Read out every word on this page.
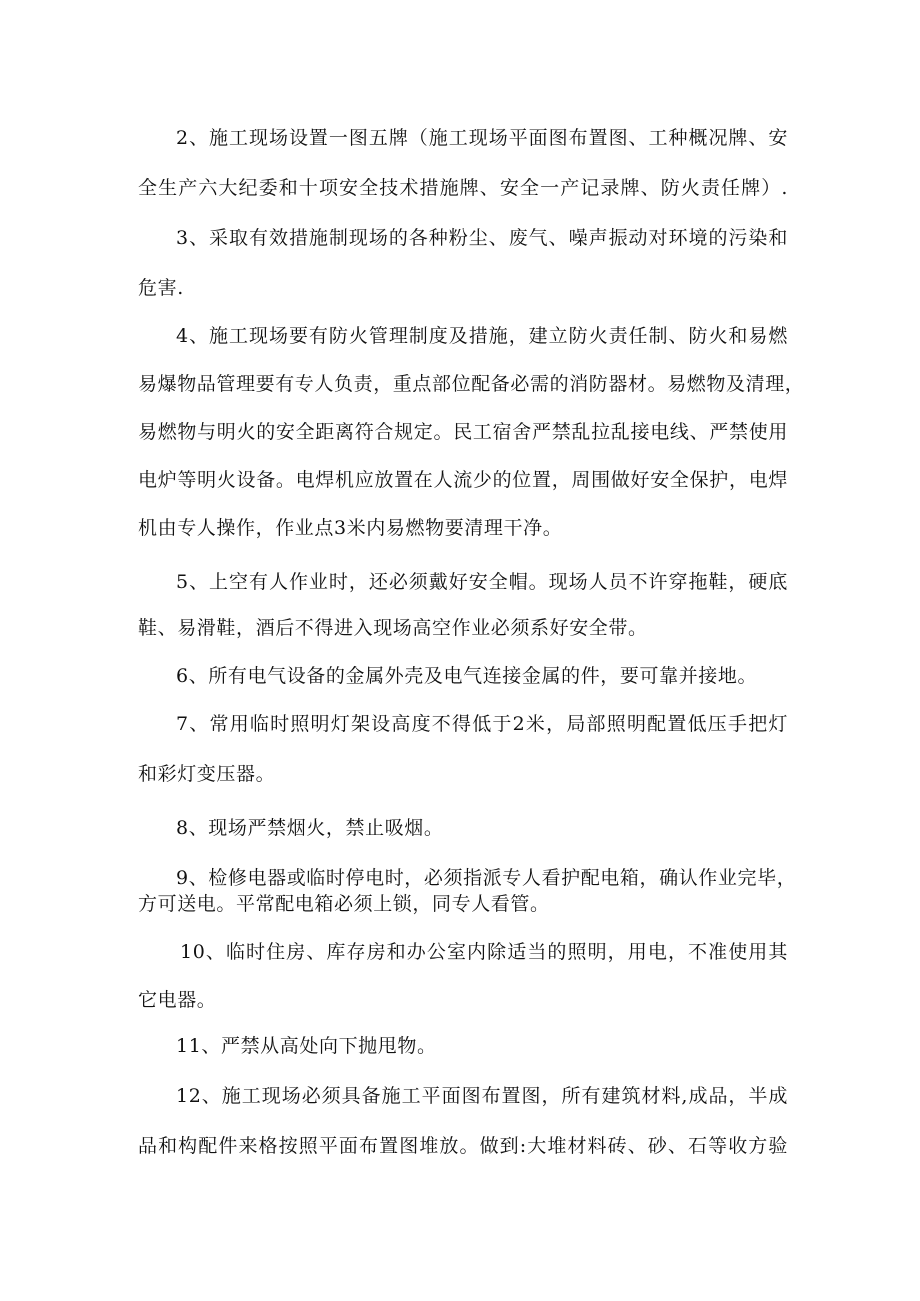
2、施工现场设置一图五牌（施工现场平面图布置图、工种概况牌、安
全生产六大纪委和十项安全技术措施牌、安全一产记录牌、防火责任牌）.
3、采取有效措施制现场的各种粉尘、废气、噪声振动对环境的污染和
危害.
4、施工现场要有防火管理制度及措施，建立防火责任制、防火和易燃
易爆物品管理要有专人负责，重点部位配备必需的消防器材。易燃物及清理，
易燃物与明火的安全距离符合规定。民工宿舍严禁乱拉乱接电线、严禁使用
电炉等明火设备。电焊机应放置在人流少的位置，周围做好安全保护，电焊
机由专人操作，作业点3米内易燃物要清理干净。
5、上空有人作业时，还必须戴好安全帽。现场人员不许穿拖鞋，硬底
鞋、易滑鞋，酒后不得进入现场高空作业必须系好安全带。
6、所有电气设备的金属外壳及电气连接金属的件，要可靠并接地。
7、常用临时照明灯架设高度不得低于2米，局部照明配置低压手把灯
和彩灯变压器。
8、现场严禁烟火，禁止吸烟。
9、检修电器或临时停电时，必须指派专人看护配电箱，确认作业完毕，
方可送电。平常配电箱必须上锁，同专人看管。
10、临时住房、库存房和办公室内除适当的照明，用电，不准使用其
它电器。
11、严禁从高处向下抛甩物。
12、施工现场必须具备施工平面图布置图，所有建筑材料,成品，半成
品和构配件来格按照平面布置图堆放。做到:大堆材料砖、砂、石等收方验
